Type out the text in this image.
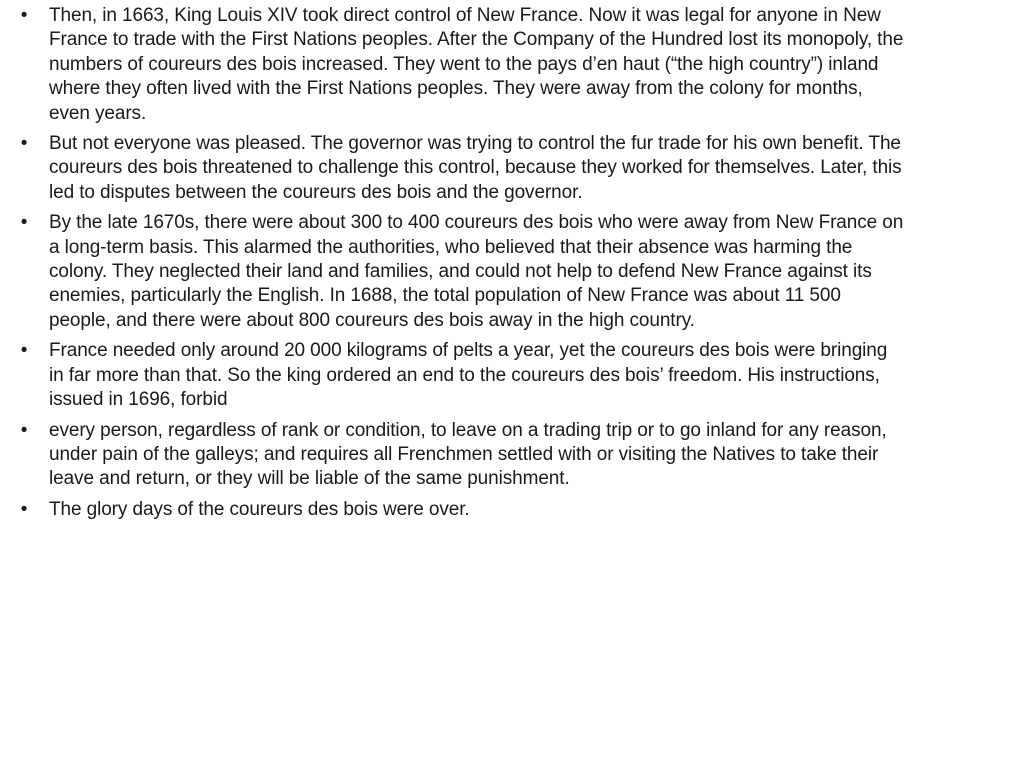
•	Then, in 1663, King Louis XIV took direct control of New France. Now it was legal for anyone in New France to trade with the First Nations peoples. After the Company of the Hundred lost its monopoly, the numbers of coureurs des bois increased. They went to the pays d’en haut (“the high country”) inland where they often lived with the First Nations peoples. They were away from the colony for months, even years.
•	But not everyone was pleased. The governor was trying to control the fur trade for his own benefit. The coureurs des bois threatened to challenge this control, because they worked for themselves. Later, this led to disputes between the coureurs des bois and the governor.
•	By the late 1670s, there were about 300 to 400 coureurs des bois who were away from New France on a long-term basis. This alarmed the authorities, who believed that their absence was harming the colony. They neglected their land and families, and could not help to defend New France against its enemies, particularly the English. In 1688, the total population of New France was about 11 500 people, and there were about 800 coureurs des bois away in the high country.
•	France needed only around 20 000 kilograms of pelts a year, yet the coureurs des bois were bringing in far more than that. So the king ordered an end to the coureurs des bois’ freedom. His instructions, issued in 1696, forbid
•	every person, regardless of rank or condition, to leave on a trading trip or to go inland for any reason, under pain of the galleys; and requires all Frenchmen settled with or visiting the Natives to take their leave and return, or they will be liable of the same punishment.
•	The glory days of the coureurs des bois were over.
